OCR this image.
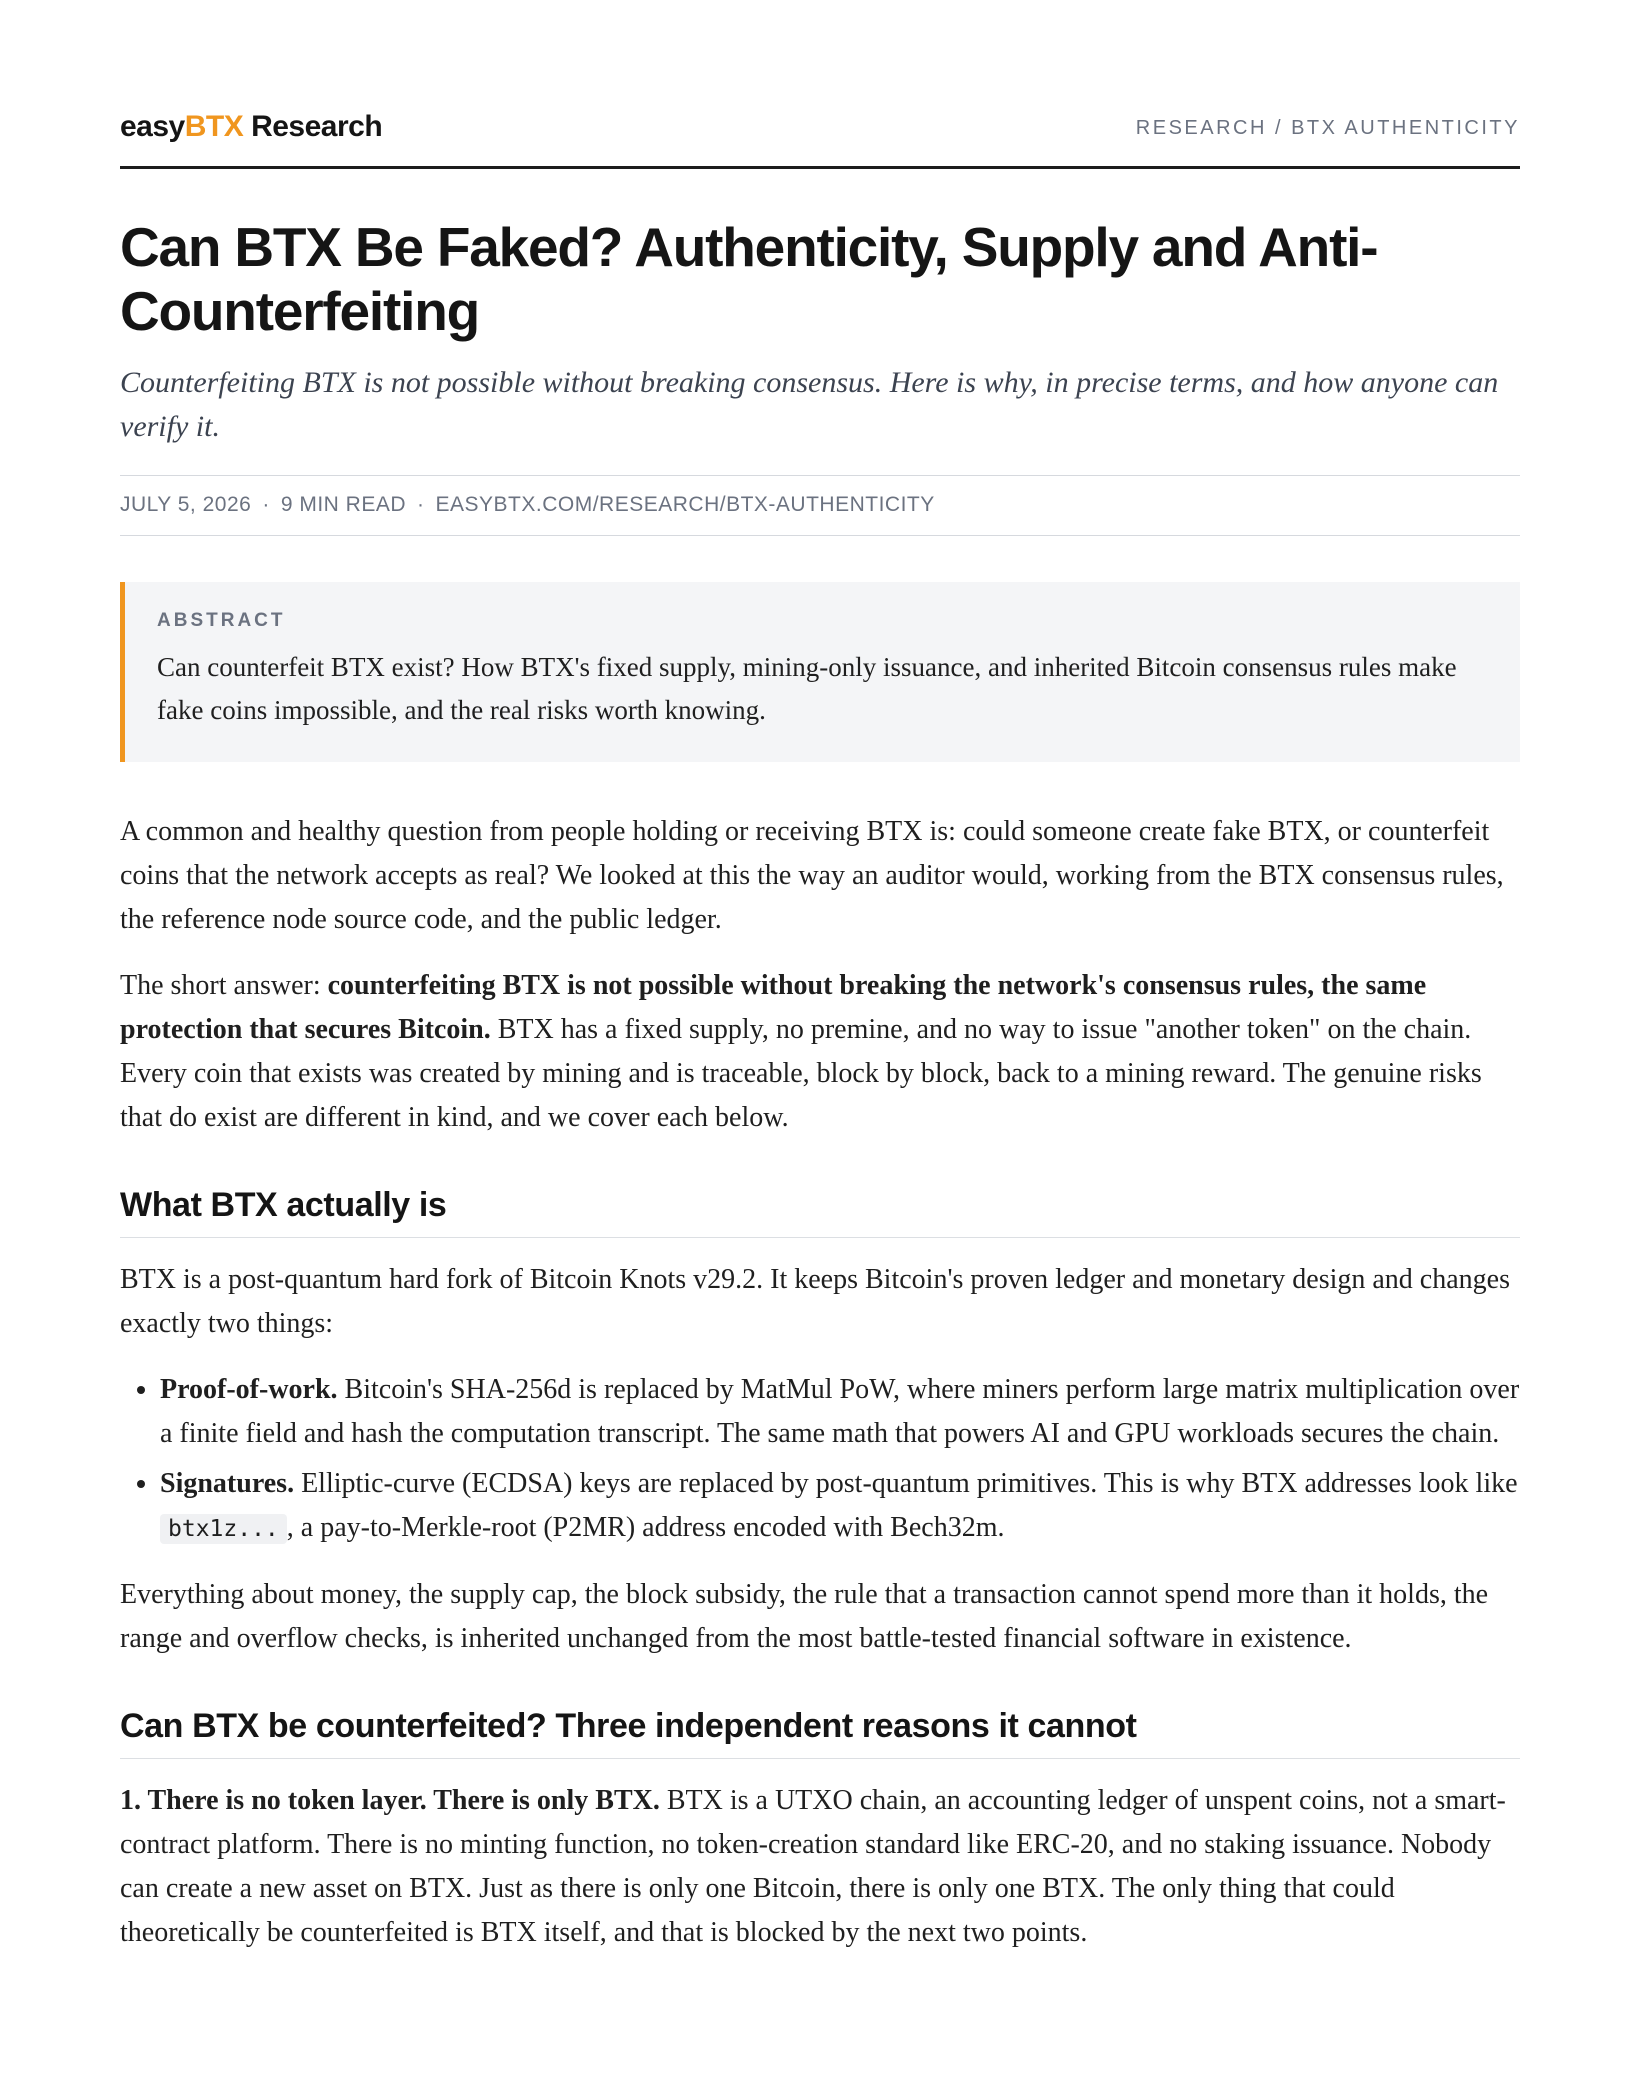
easyBTX Research	RESEARCH / BTX AUTHENTICITY
Can BTX Be Faked? Authenticity, Supply and Anti-Counterfeiting

Counterfeiting BTX is not possible without breaking consensus. Here is why, in precise terms, and how anyone can verify it.

JULY 5, 2026 · 9 MIN READ · EASYBTX.COM/RESEARCH/BTX-AUTHENTICITY
ABSTRACT
Can counterfeit BTX exist? How BTX's fixed supply, mining-only issuance, and inherited Bitcoin consensus rules make fake coins impossible, and the real risks worth knowing.

A common and healthy question from people holding or receiving BTX is: could someone create fake BTX, or counterfeit coins that the network accepts as real? We looked at this the way an auditor would, working from the BTX consensus rules, the reference node source code, and the public ledger.

The short answer: counterfeiting BTX is not possible without breaking the network's consensus rules, the same protection that secures Bitcoin. BTX has a fixed supply, no premine, and no way to issue "another token" on the chain. Every coin that exists was created by mining and is traceable, block by block, back to a mining reward. The genuine risks that do exist are different in kind, and we cover each below.

What BTX actually is

BTX is a post-quantum hard fork of Bitcoin Knots v29.2. It keeps Bitcoin's proven ledger and monetary design and changes exactly two things:

• Proof-of-work. Bitcoin's SHA-256d is replaced by MatMul PoW, where miners perform large matrix multiplication over a finite field and hash the computation transcript. The same math that powers AI and GPU workloads secures the chain.
• Signatures. Elliptic-curve (ECDSA) keys are replaced by post-quantum primitives. This is why BTX addresses look like btx1z... , a pay-to-Merkle-root (P2MR) address encoded with Bech32m.

Everything about money, the supply cap, the block subsidy, the rule that a transaction cannot spend more than it holds, the range and overflow checks, is inherited unchanged from the most battle-tested financial software in existence.

Can BTX be counterfeited? Three independent reasons it cannot

1. There is no token layer. There is only BTX. BTX is a UTXO chain, an accounting ledger of unspent coins, not a smart-contract platform. There is no minting function, no token-creation standard like ERC-20, and no staking issuance. Nobody can create a new asset on BTX. Just as there is only one Bitcoin, there is only one BTX. The only thing that could theoretically be counterfeited is BTX itself, and that is blocked by the next two points.
